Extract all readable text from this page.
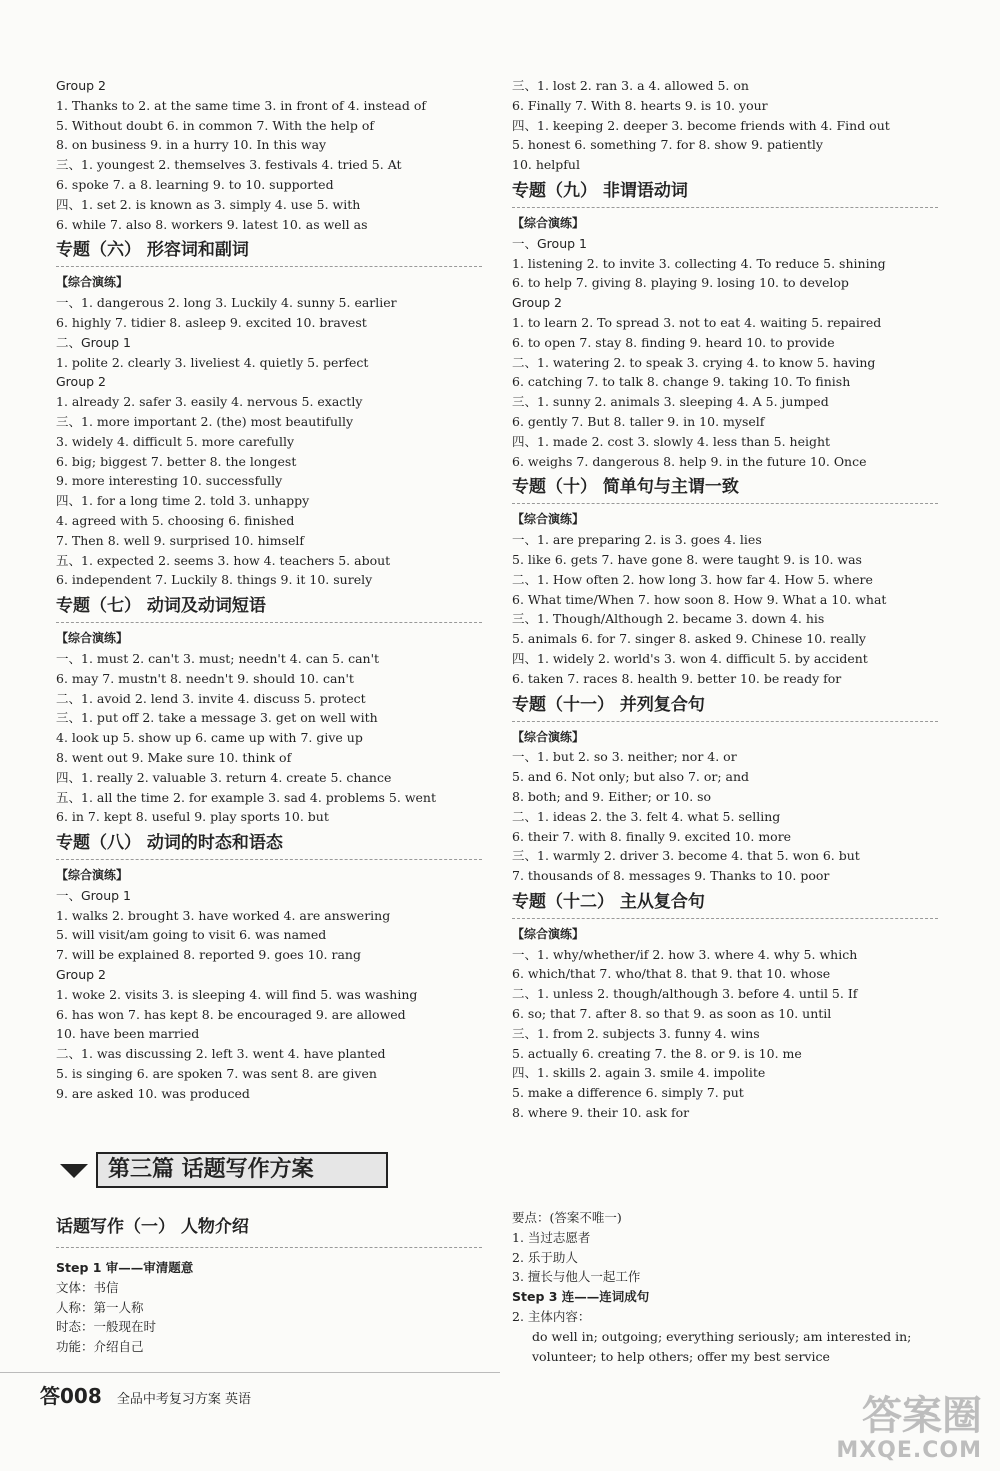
Group 2
1. Thanks to 2. at the same time 3. in front of 4. instead of
5. Without doubt 6. in common 7. With the help of
8. on business 9. in a hurry 10. In this way
三、1. youngest 2. themselves 3. festivals 4. tried 5. At
6. spoke 7. a 8. learning 9. to 10. supported
四、1. set 2. is known as 3. simply 4. use 5. with
6. while 7. also 8. workers 9. latest 10. as well as
专题（六） 形容词和副词
【综合演练】
一、1. dangerous 2. long 3. Luckily 4. sunny 5. earlier
6. highly 7. tidier 8. asleep 9. excited 10. bravest
二、Group 1
1. polite 2. clearly 3. liveliest 4. quietly 5. perfect
Group 2
1. already 2. safer 3. easily 4. nervous 5. exactly
三、1. more important 2. (the) most beautifully
3. widely 4. difficult 5. more carefully
6. big; biggest 7. better 8. the longest
9. more interesting 10. successfully
四、1. for a long time 2. told 3. unhappy
4. agreed with 5. choosing 6. finished
7. Then 8. well 9. surprised 10. himself
五、1. expected 2. seems 3. how 4. teachers 5. about
6. independent 7. Luckily 8. things 9. it 10. surely
专题（七） 动词及动词短语
【综合演练】
一、1. must 2. can't 3. must; needn't 4. can 5. can't
6. may 7. mustn't 8. needn't 9. should 10. can't
二、1. avoid 2. lend 3. invite 4. discuss 5. protect
三、1. put off 2. take a message 3. get on well with
4. look up 5. show up 6. came up with 7. give up
8. went out 9. Make sure 10. think of
四、1. really 2. valuable 3. return 4. create 5. chance
五、1. all the time 2. for example 3. sad 4. problems 5. went
6. in 7. kept 8. useful 9. play sports 10. but
专题（八） 动词的时态和语态
【综合演练】
一、Group 1
1. walks 2. brought 3. have worked 4. are answering
5. will visit/am going to visit 6. was named
7. will be explained 8. reported 9. goes 10. rang
Group 2
1. woke 2. visits 3. is sleeping 4. will find 5. was washing
6. has won 7. has kept 8. be encouraged 9. are allowed
10. have been married
二、1. was discussing 2. left 3. went 4. have planted
5. is singing 6. are spoken 7. was sent 8. are given
9. are asked 10. was produced
三、1. lost 2. ran 3. a 4. allowed 5. on
6. Finally 7. With 8. hearts 9. is 10. your
四、1. keeping 2. deeper 3. become friends with 4. Find out
5. honest 6. something 7. for 8. show 9. patiently
10. helpful
专题（九） 非谓语动词
【综合演练】
一、Group 1
1. listening 2. to invite 3. collecting 4. To reduce 5. shining
6. to help 7. giving 8. playing 9. losing 10. to develop
Group 2
1. to learn 2. To spread 3. not to eat 4. waiting 5. repaired
6. to open 7. stay 8. finding 9. heard 10. to provide
二、1. watering 2. to speak 3. crying 4. to know 5. having
6. catching 7. to talk 8. change 9. taking 10. To finish
三、1. sunny 2. animals 3. sleeping 4. A 5. jumped
6. gently 7. But 8. taller 9. in 10. myself
四、1. made 2. cost 3. slowly 4. less than 5. height
6. weighs 7. dangerous 8. help 9. in the future 10. Once
专题（十） 简单句与主谓一致
【综合演练】
一、1. are preparing 2. is 3. goes 4. lies
5. like 6. gets 7. have gone 8. were taught 9. is 10. was
二、1. How often 2. how long 3. how far 4. How 5. where
6. What time/When 7. how soon 8. How 9. What a 10. what
三、1. Though/Although 2. became 3. down 4. his
5. animals 6. for 7. singer 8. asked 9. Chinese 10. really
四、1. widely 2. world's 3. won 4. difficult 5. by accident
6. taken 7. races 8. health 9. better 10. be ready for
专题（十一） 并列复合句
【综合演练】
一、1. but 2. so 3. neither; nor 4. or
5. and 6. Not only; but also 7. or; and
8. both; and 9. Either; or 10. so
二、1. ideas 2. the 3. felt 4. what 5. selling
6. their 7. with 8. finally 9. excited 10. more
三、1. warmly 2. driver 3. become 4. that 5. won 6. but
7. thousands of 8. messages 9. Thanks to 10. poor
专题（十二） 主从复合句
【综合演练】
一、1. why/whether/if 2. how 3. where 4. why 5. which
6. which/that 7. who/that 8. that 9. that 10. whose
二、1. unless 2. though/although 3. before 4. until 5. If
6. so; that 7. after 8. so that 9. as soon as 10. until
三、1. from 2. subjects 3. funny 4. wins
5. actually 6. creating 7. the 8. or 9. is 10. me
四、1. skills 2. again 3. smile 4. impolite
5. make a difference 6. simply 7. put
8. where 9. their 10. ask for
第三篇 话题写作方案
话题写作（一） 人物介绍
Step 1 审——审清题意
文体：书信
人称：第一人称
时态：一般现在时
功能：介绍自己
要点：(答案不唯一)
1. 当过志愿者
2. 乐于助人
3. 擅长与他人一起工作
Step 3 连——连词成句
2. 主体内容：
do well in; outgoing; everything seriously; am interested in;
volunteer; to help others; offer my best service
答008 全品中考复习方案 英语	答案圈
MXQE.COM
